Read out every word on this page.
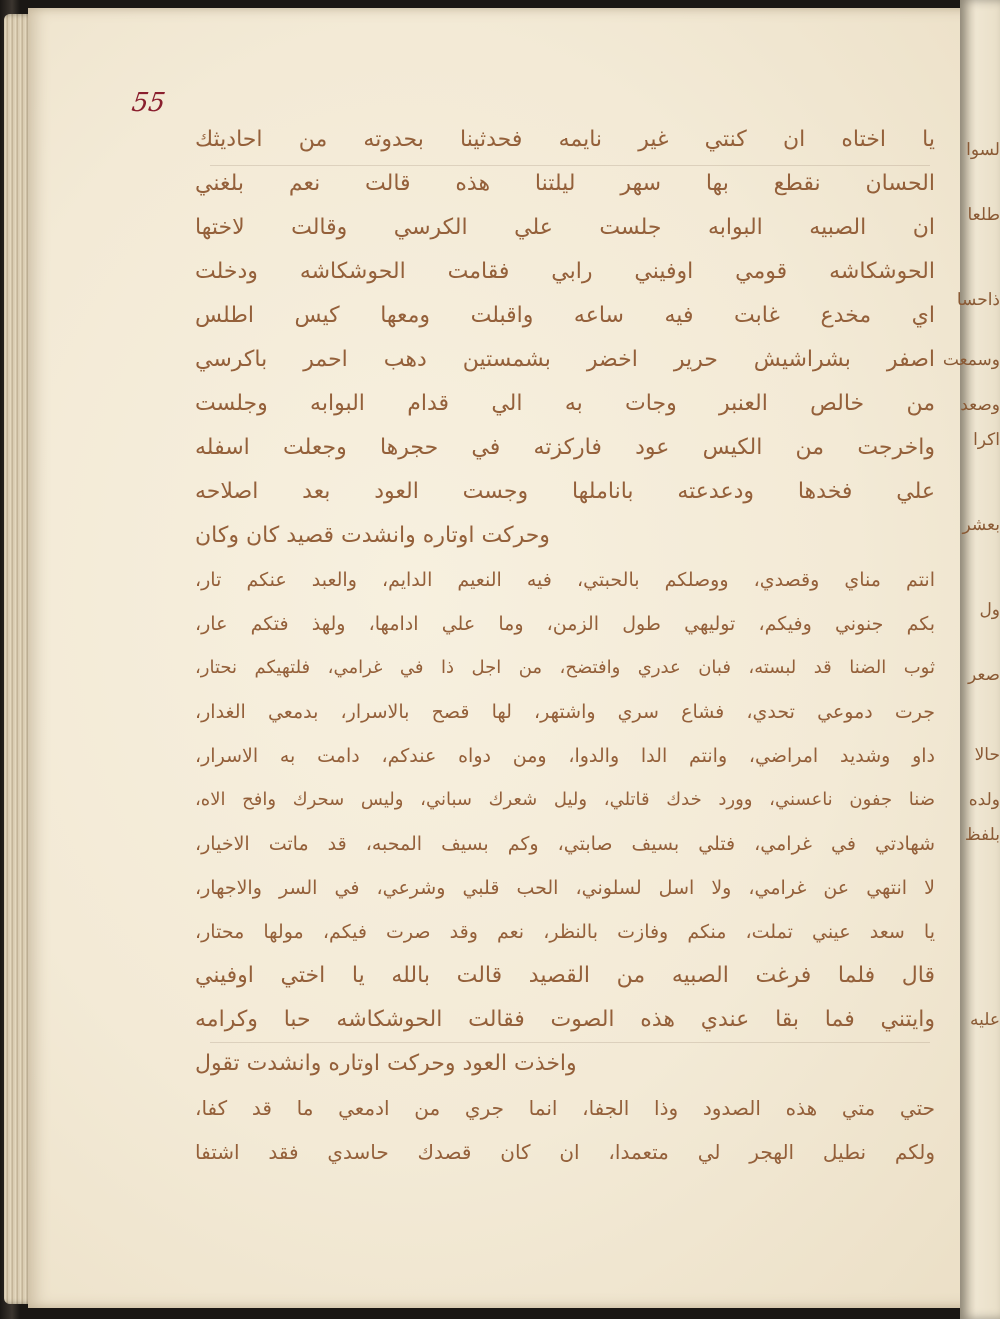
55
يا اختاه ان كنتي غير نايمه فحدثينا بحدوته من احاديثك
الحسان نقطع بها سهر ليلتنا هذه قالت نعم بلغني
ان الصبيه البوابه جلست علي الكرسي وقالت لاختها
الحوشكاشه قومي اوفيني رابي فقامت الحوشكاشه ودخلت
اي مخدع غابت فيه ساعه واقبلت ومعها كيس اطلس
اصفر بشراشيش حرير اخضر بشمستين دهب احمر باكرسي
من خالص العنبر وجات به الي قدام البوابه وجلست
واخرجت من الكيس عود فاركزته في حجرها وجعلت اسفله
علي فخدها ودعدعته باناملها وجست العود بعد اصلاحه
وحركت اوتاره وانشدت قصيد كان وكان
انتم مناي وقصدي، ووصلكم بالحبتي، فيه النعيم الدايم، والعبد عنكم تار،
بكم جنوني وفيكم، توليهي طول الزمن، وما علي ادامها، ولهذ فتكم عار،
ثوب الضنا قد لبسته، فبان عدري وافتضح، من اجل ذا في غرامي، فلتهيكم نحتار،
جرت دموعي تحدي، فشاع سري واشتهر، لها قصح بالاسرار، بدمعي الغدار،
داو وشديد امراضي، وانتم الدا والدوا، ومن دواه عندكم، دامت به الاسرار،
ضنا جفون ناعسني، وورد خدك قاتلي، وليل شعرك سباني، وليس سحرك وافح الاه،
شهادتي في غرامي، فتلي بسيف صابتي، وكم بسيف المحبه، قد ماتت الاخيار،
لا انتهي عن غرامي، ولا اسل لسلوني، الحب قلبي وشرعي، في السر والاجهار،
يا سعد عيني تملت، منكم وفازت بالنظر، نعم وقد صرت فيكم، مولها محتار،
قال فلما فرغت الصبيه من القصيد قالت بالله يا اختي اوفيني
وايتني فما بقا عندي هذه الصوت فقالت الحوشكاشه حبا وكرامه
واخذت العود وحركت اوتاره وانشدت تقول
حتي متي هذه الصدود وذا الجفا، انما جري من ادمعي ما قد كفا،
ولكم نطيل الهجر لي متعمدا، ان كان قصدك حاسدي فقد اشتفا
لسوا
طلعا
ذاحسا
وسمعت
وصعد
اكرا
بعشر
ول
صعر
حالا
ولده
بلفظ
عليه
